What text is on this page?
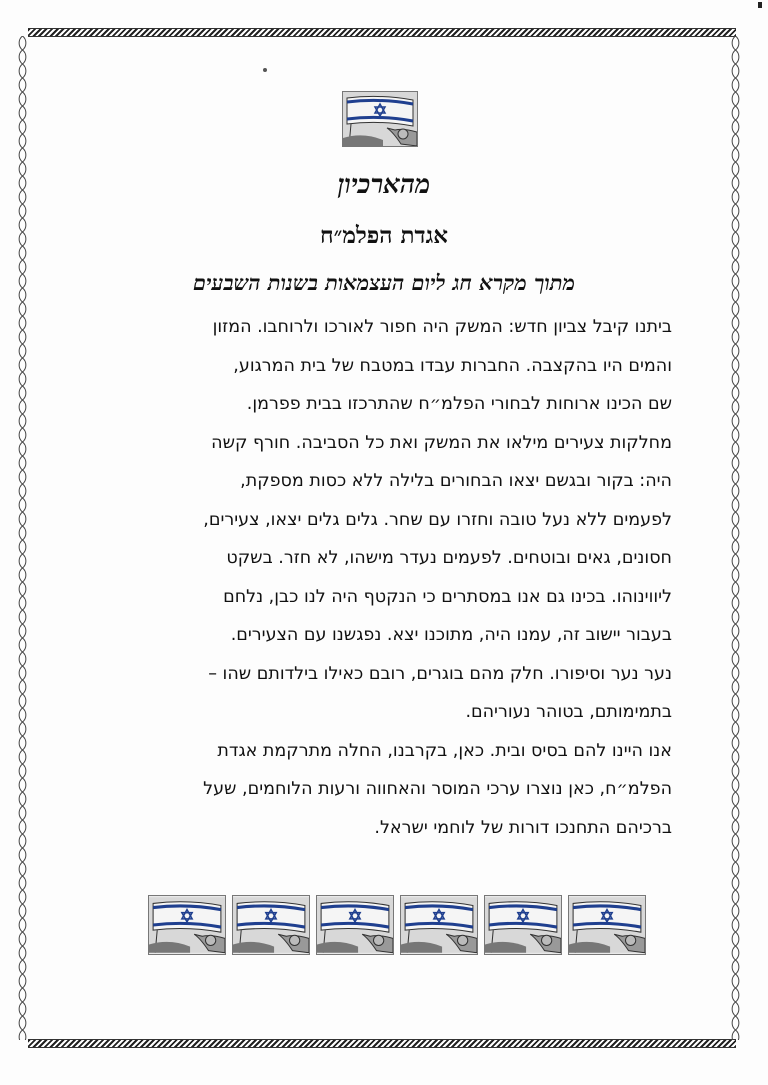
מהארכיון
אגדת הפלמ״ח
מתוך מקרא חג ליום העצמאות בשנות השבעים
ביתנו קיבל צביון חדש: המשק היה חפור לאורכו ולרוחבו. המזון
והמים היו בהקצבה. החברות עבדו במטבח של בית המרגוע,
שם הכינו ארוחות לבחורי הפלמ״ח שהתרכזו בבית פפרמן.
מחלקות צעירים מילאו את המשק ואת כל הסביבה. חורף קשה
היה: בקור ובגשם יצאו הבחורים בלילה ללא כסות מספקת,
לפעמים ללא נעל טובה וחזרו עם שחר. גלים גלים יצאו, צעירים,
חסונים, גאים ובוטחים. לפעמים נעדר מישהו, לא חזר. בשקט
ליווינוהו. בכינו גם אנו במסתרים כי הנקטף היה לנו כבן, נלחם
בעבור יישוב זה, עמנו היה, מתוכנו יצא. נפגשנו עם הצעירים.
נער נער וסיפורו. חלק מהם בוגרים, רובם כאילו בילדותם שהו –
בתמימותם, בטוהר נעוריהם.
אנו היינו להם בסיס ובית. כאן, בקרבנו, החלה מתרקמת אגדת
הפלמ״ח, כאן נוצרו ערכי המוסר והאחווה ורעות הלוחמים, שעל
ברכיהם התחנכו דורות של לוחמי ישראל.
